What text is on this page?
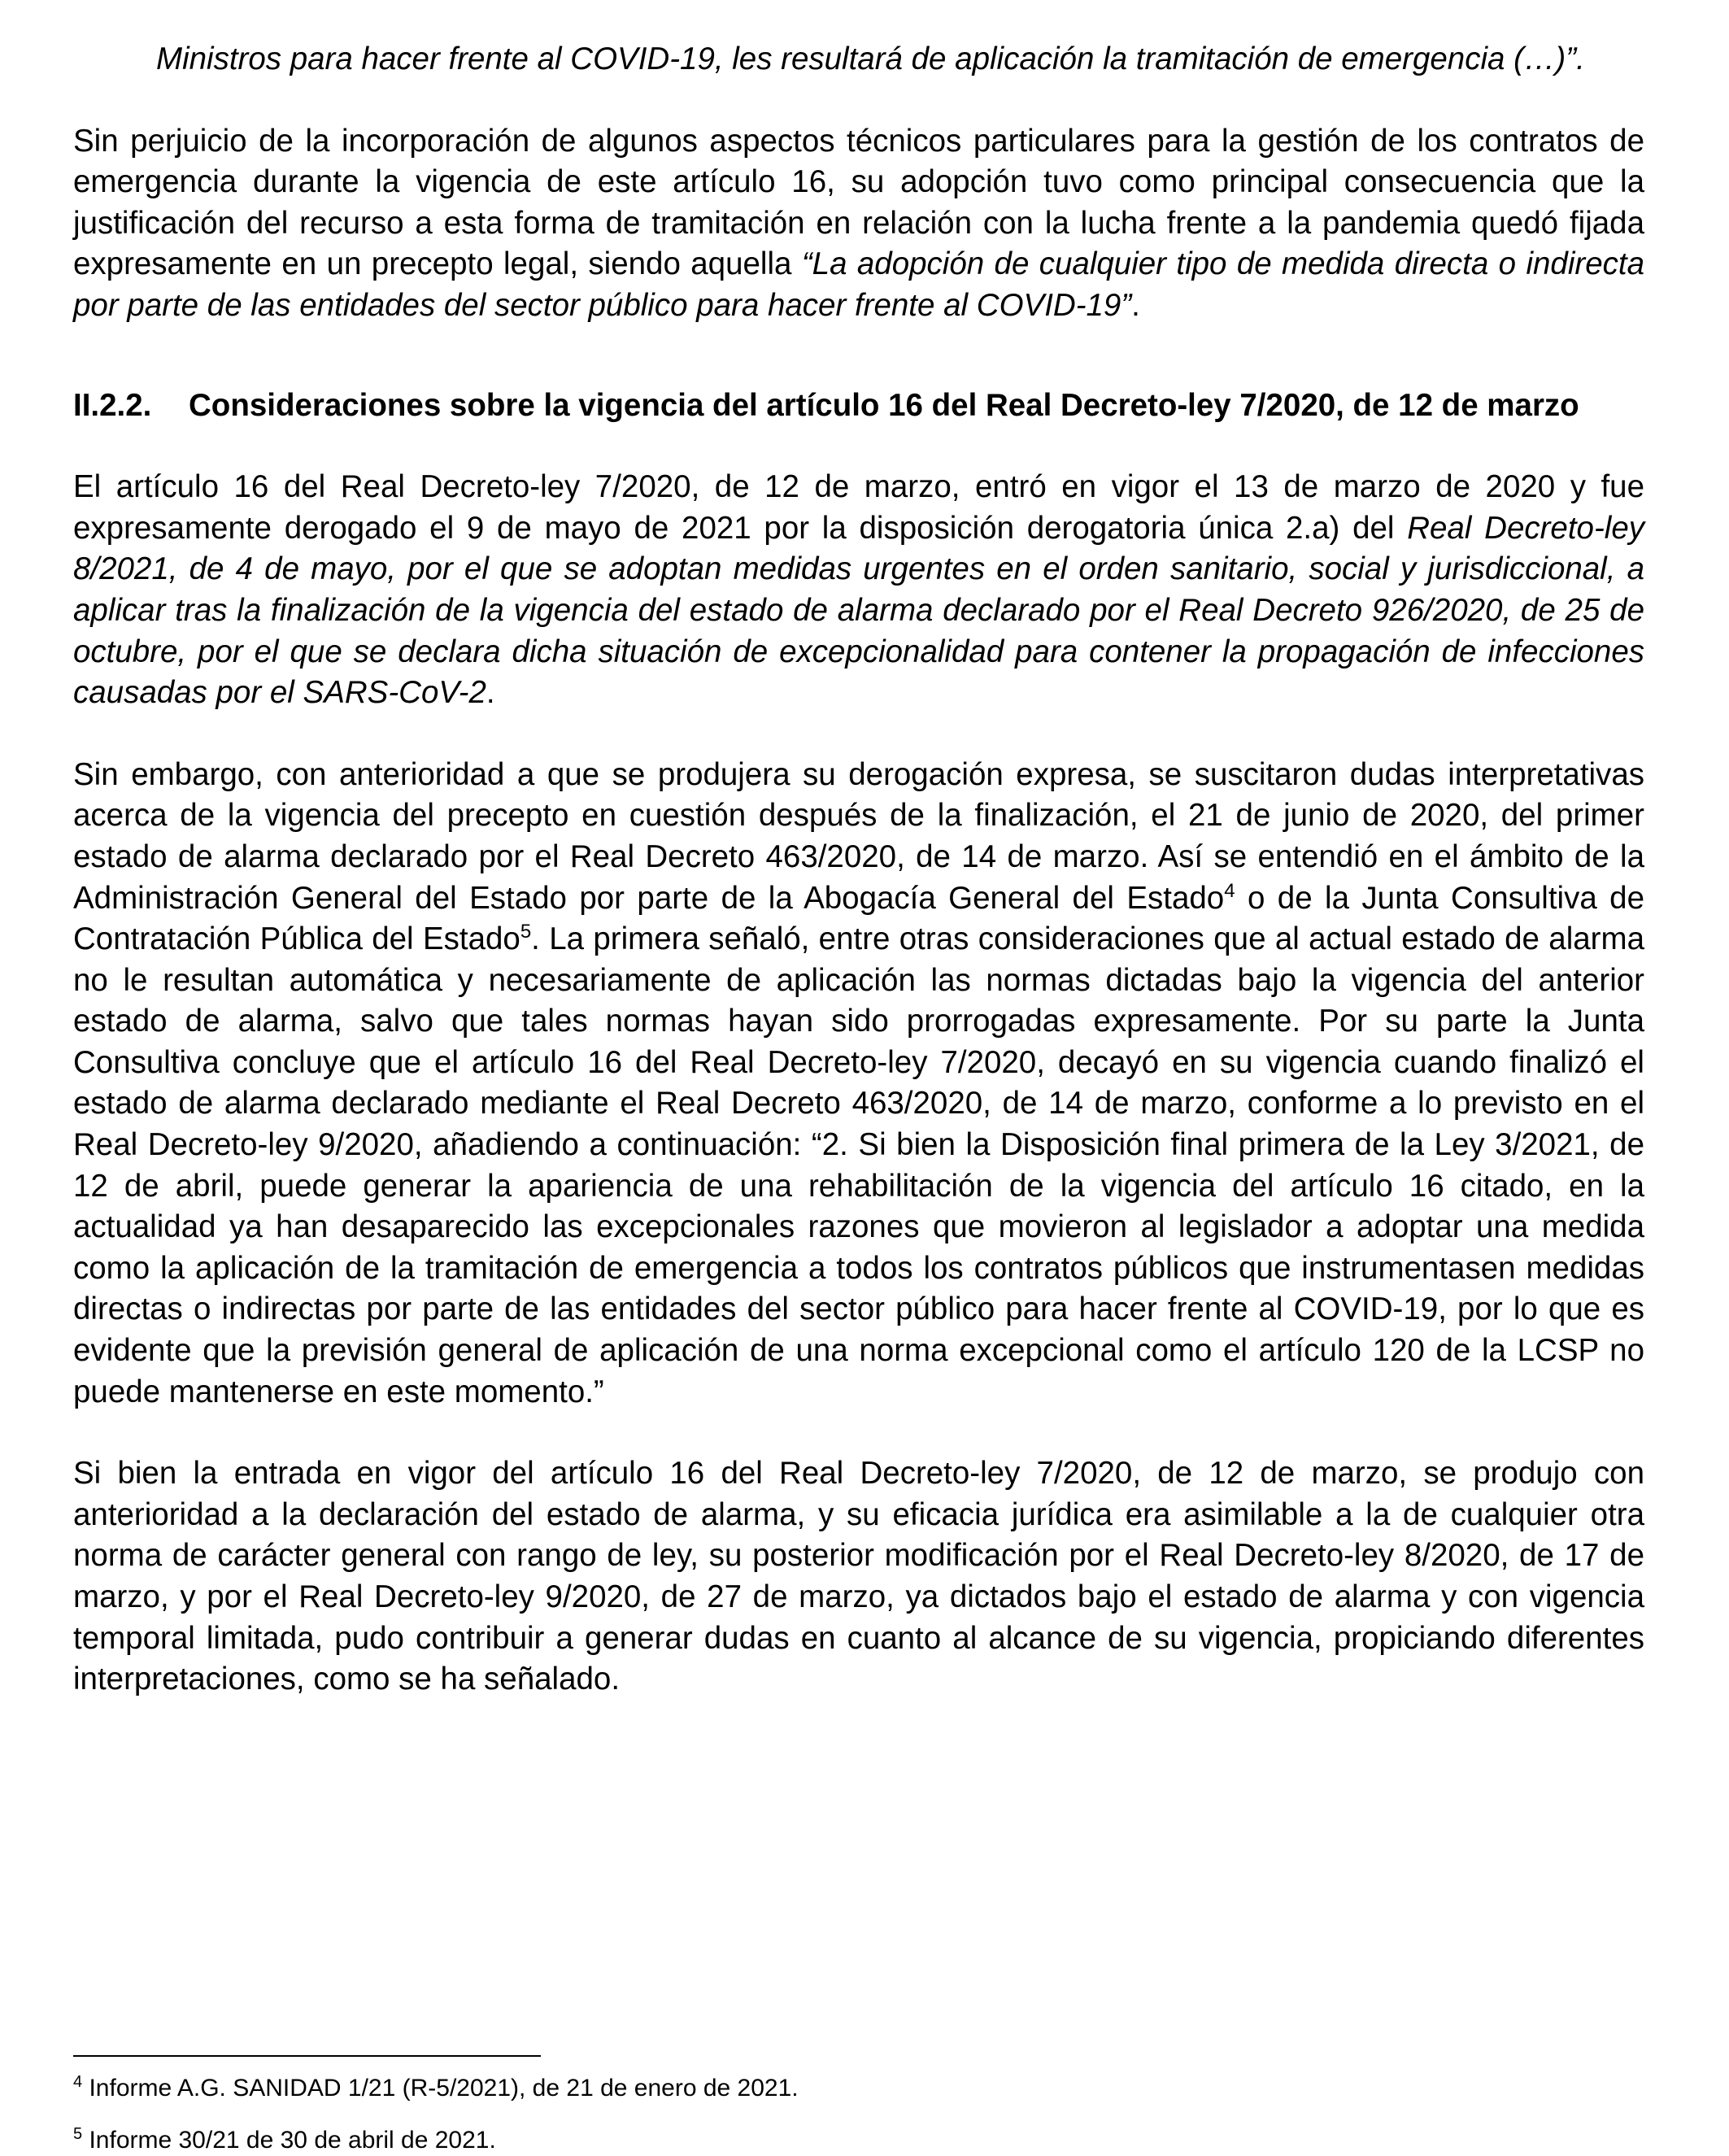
Ministros para hacer frente al COVID-19, les resultará de aplicación la tramitación de emergencia (…)”.

Sin perjuicio de la incorporación de algunos aspectos técnicos particulares para la gestión de los contratos de emergencia durante la vigencia de este artículo 16, su adopción tuvo como principal consecuencia que la justificación del recurso a esta forma de tramitación en relación con la lucha frente a la pandemia quedó fijada expresamente en un precepto legal, siendo aquella “La adopción de cualquier tipo de medida directa o indirecta por parte de las entidades del sector público para hacer frente al COVID-19”.

II.2.2.	Consideraciones sobre la vigencia del artículo 16 del Real Decreto-ley 7/2020, de 12 de marzo

El artículo 16 del Real Decreto-ley 7/2020, de 12 de marzo, entró en vigor el 13 de marzo de 2020 y fue expresamente derogado el 9 de mayo de 2021 por la disposición derogatoria única 2.a) del Real Decreto-ley 8/2021, de 4 de mayo, por el que se adoptan medidas urgentes en el orden sanitario, social y jurisdiccional, a aplicar tras la finalización de la vigencia del estado de alarma declarado por el Real Decreto 926/2020, de 25 de octubre, por el que se declara dicha situación de excepcionalidad para contener la propagación de infecciones causadas por el SARS-CoV-2.

Sin embargo, con anterioridad a que se produjera su derogación expresa, se suscitaron dudas interpretativas acerca de la vigencia del precepto en cuestión después de la finalización, el 21 de junio de 2020, del primer estado de alarma declarado por el Real Decreto 463/2020, de 14 de marzo. Así se entendió en el ámbito de la Administración General del Estado por parte de la Abogacía General del Estado$^4$ o de la Junta Consultiva de Contratación Pública del Estado$^5$. La primera señaló, entre otras consideraciones que al actual estado de alarma no le resultan automática y necesariamente de aplicación las normas dictadas bajo la vigencia del anterior estado de alarma, salvo que tales normas hayan sido prorrogadas expresamente. Por su parte la Junta Consultiva concluye que el artículo 16 del Real Decreto-ley 7/2020, decayó en su vigencia cuando finalizó el estado de alarma declarado mediante el Real Decreto 463/2020, de 14 de marzo, conforme a lo previsto en el Real Decreto-ley 9/2020, añadiendo a continuación: “2. Si bien la Disposición final primera de la Ley 3/2021, de 12 de abril, puede generar la apariencia de una rehabilitación de la vigencia del artículo 16 citado, en la actualidad ya han desaparecido las excepcionales razones que movieron al legislador a adoptar una medida como la aplicación de la tramitación de emergencia a todos los contratos públicos que instrumentasen medidas directas o indirectas por parte de las entidades del sector público para hacer frente al COVID-19, por lo que es evidente que la previsión general de aplicación de una norma excepcional como el artículo 120 de la LCSP no puede mantenerse en este momento.”

Si bien la entrada en vigor del artículo 16 del Real Decreto-ley 7/2020, de 12 de marzo, se produjo con anterioridad a la declaración del estado de alarma, y su eficacia jurídica era asimilable a la de cualquier otra norma de carácter general con rango de ley, su posterior modificación por el Real Decreto-ley 8/2020, de 17 de marzo, y por el Real Decreto-ley 9/2020, de 27 de marzo, ya dictados bajo el estado de alarma y con vigencia temporal limitada, pudo contribuir a generar dudas en cuanto al alcance de su vigencia, propiciando diferentes interpretaciones, como se ha señalado.

$^4$ Informe A.G. SANIDAD 1/21 (R-5/2021), de 21 de enero de 2021.
$^5$ Informe 30/21 de 30 de abril de 2021.
